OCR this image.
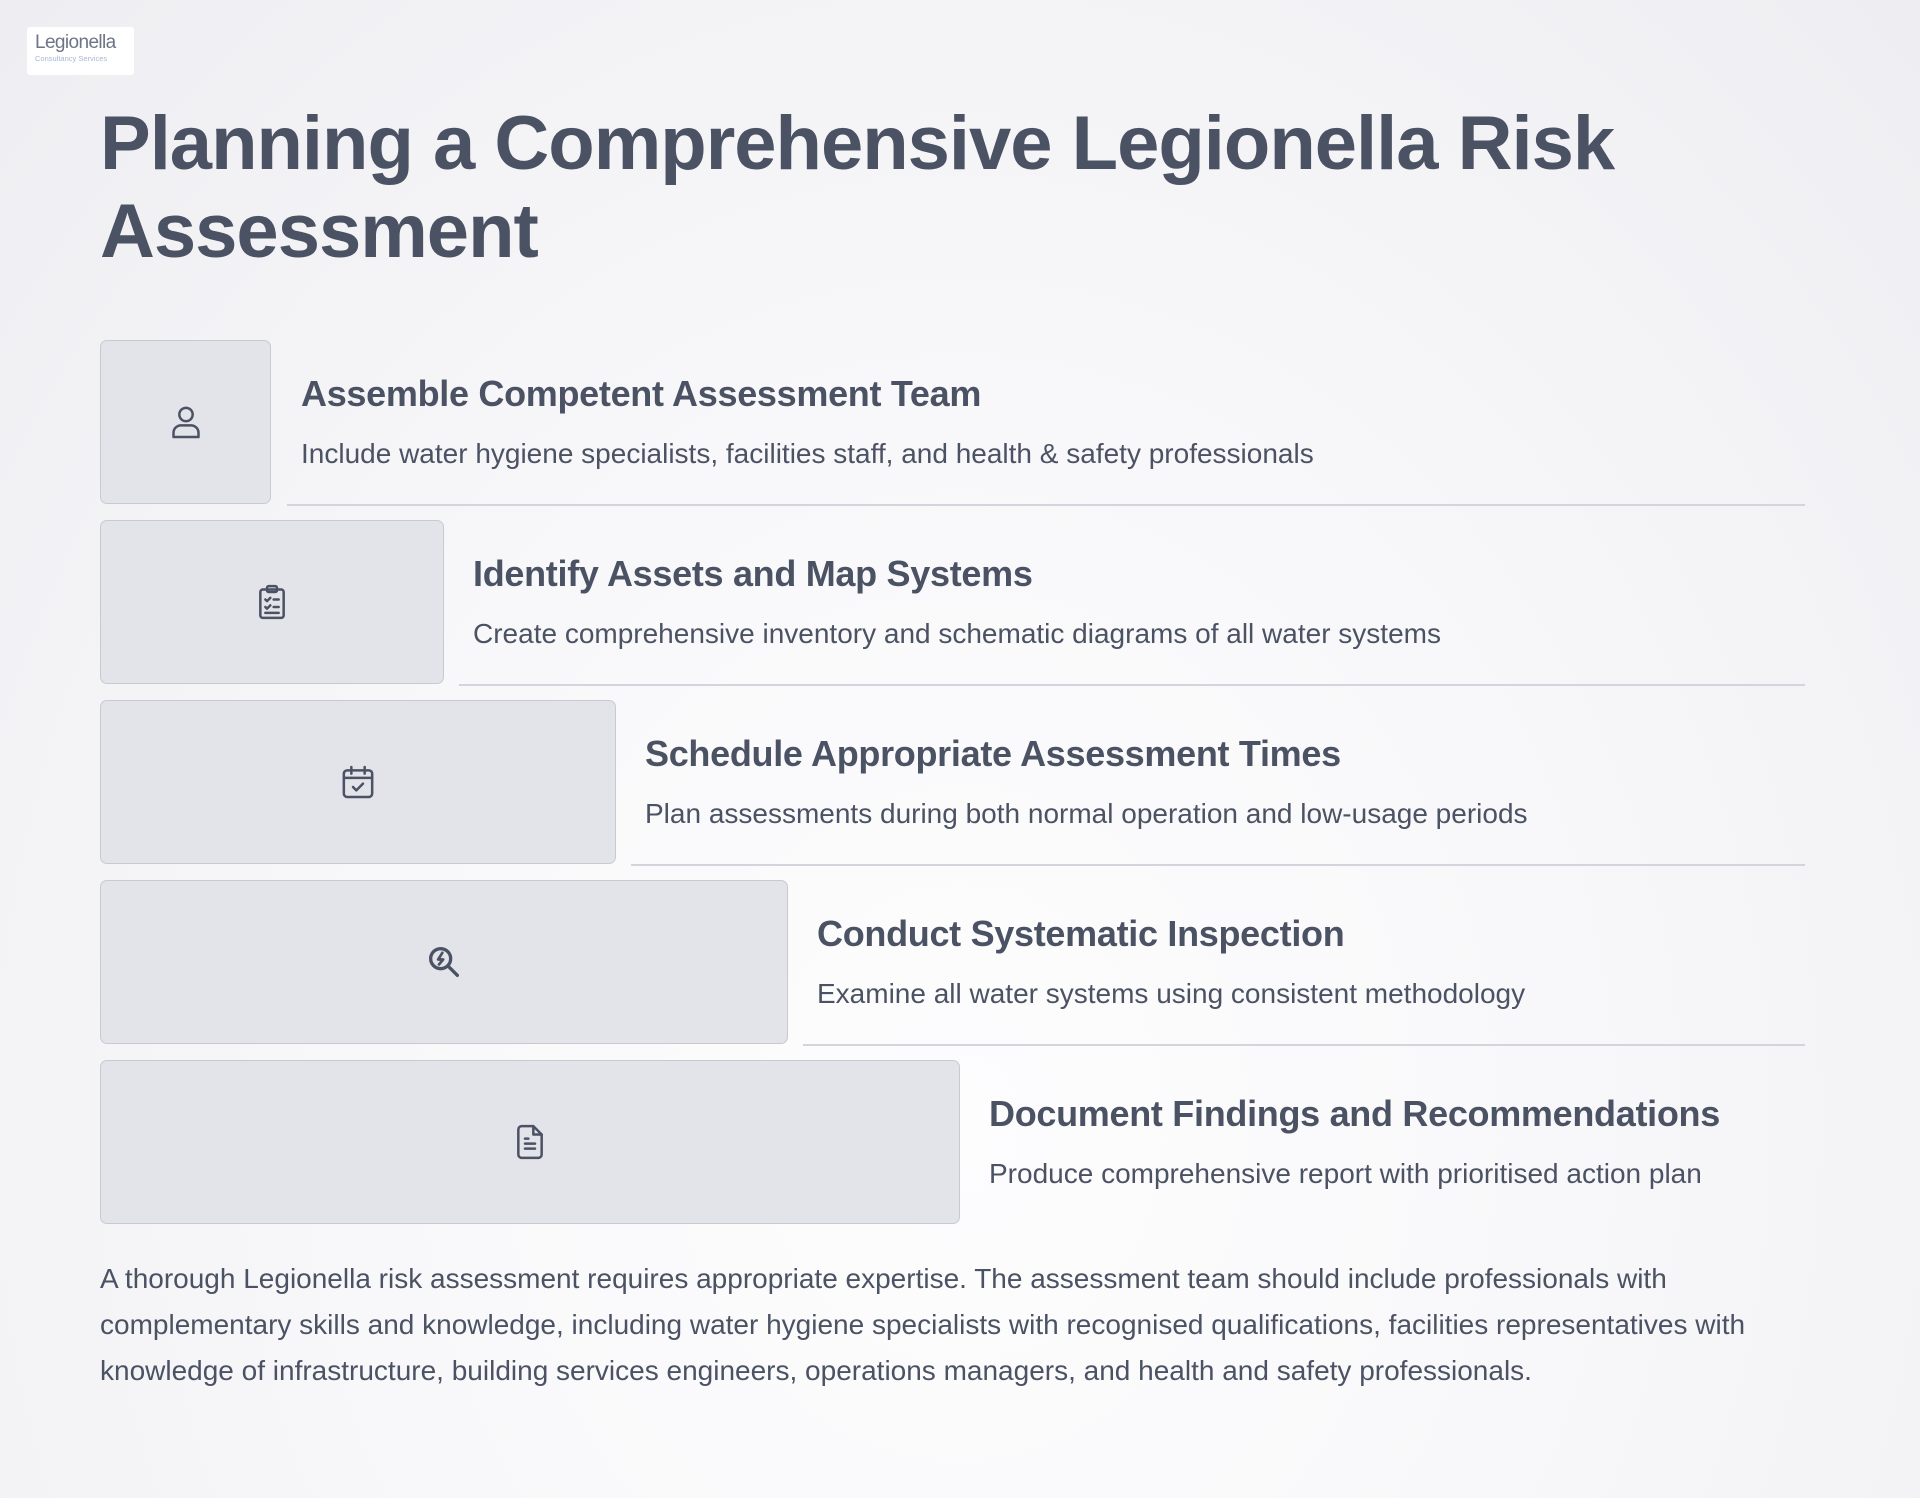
Legionella
Consultancy Services
Planning a Comprehensive Legionella Risk Assessment
Assemble Competent Assessment Team
Include water hygiene specialists, facilities staff, and health & safety professionals
Identify Assets and Map Systems
Create comprehensive inventory and schematic diagrams of all water systems
Schedule Appropriate Assessment Times
Plan assessments during both normal operation and low-usage periods
Conduct Systematic Inspection
Examine all water systems using consistent methodology
Document Findings and Recommendations
Produce comprehensive report with prioritised action plan

A thorough Legionella risk assessment requires appropriate expertise. The assessment team should include professionals with complementary skills and knowledge, including water hygiene specialists with recognised qualifications, facilities representatives with knowledge of infrastructure, building services engineers, operations managers, and health and safety professionals.
